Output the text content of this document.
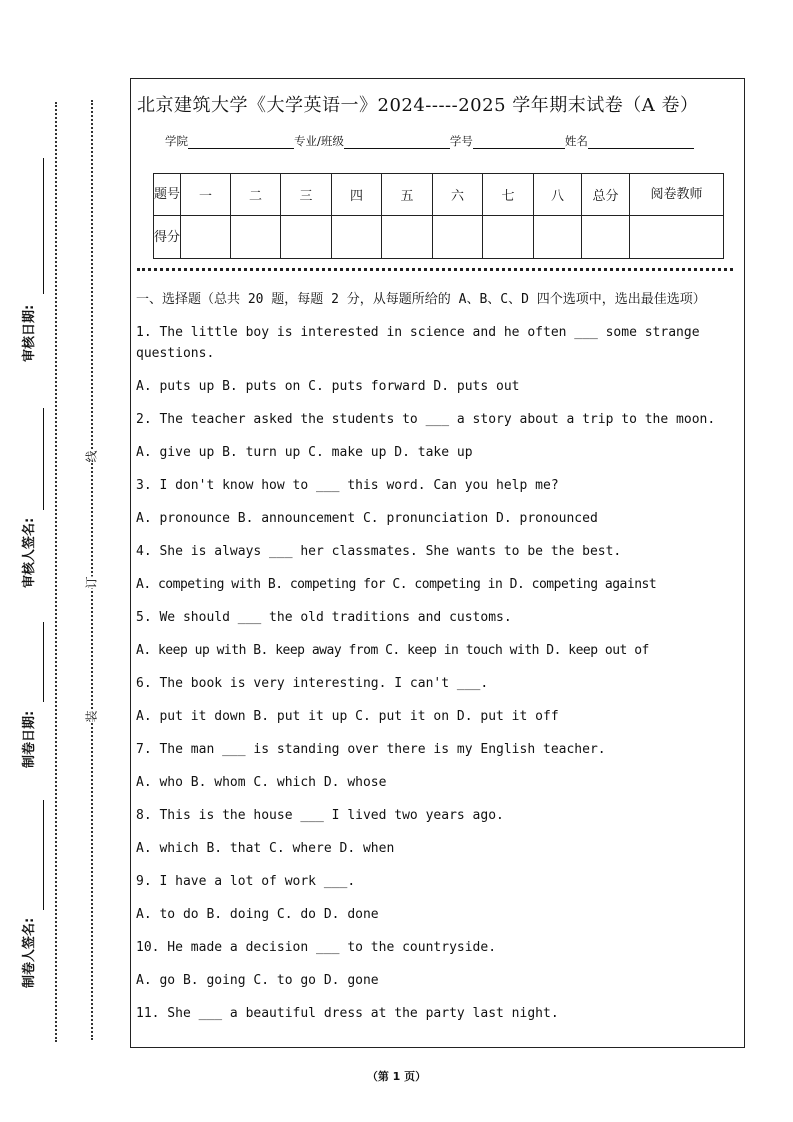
审核日期:
审核人签名:
制卷日期:
制卷人签名:
线
订
装
北京建筑大学《大学英语一》2024-----2025 学年期末试卷（A 卷）
学院	专业/班级	学号	姓名
题号	一	二	三	四	五	六	七	八	总分	阅卷教师
得分										

一、选择题（总共 20 题，每题 2 分，从每题所给的 A、B、C、D 四个选项中，选出最佳选项）

1. The little boy is interested in science and he often ___ some strange questions.

A. puts up B. puts on C. puts forward D. puts out

2. The teacher asked the students to ___ a story about a trip to the moon.

A. give up B. turn up C. make up D. take up

3. I don't know how to ___ this word. Can you help me?

A. pronounce B. announcement C. pronunciation D. pronounced

4. She is always ___ her classmates. She wants to be the best.

A. competing with B. competing for C. competing in D. competing against

5. We should ___ the old traditions and customs.

A. keep up with B. keep away from C. keep in touch with D. keep out of

6. The book is very interesting. I can't ___.

A. put it down B. put it up C. put it on D. put it off

7. The man ___ is standing over there is my English teacher.

A. who B. whom C. which D. whose

8. This is the house ___ I lived two years ago.

A. which B. that C. where D. when

9. I have a lot of work ___.

A. to do B. doing C. do D. done

10. He made a decision ___ to the countryside.

A. go B. going C. to go D. gone

11. She ___ a beautiful dress at the party last night.

（第 1 页）
